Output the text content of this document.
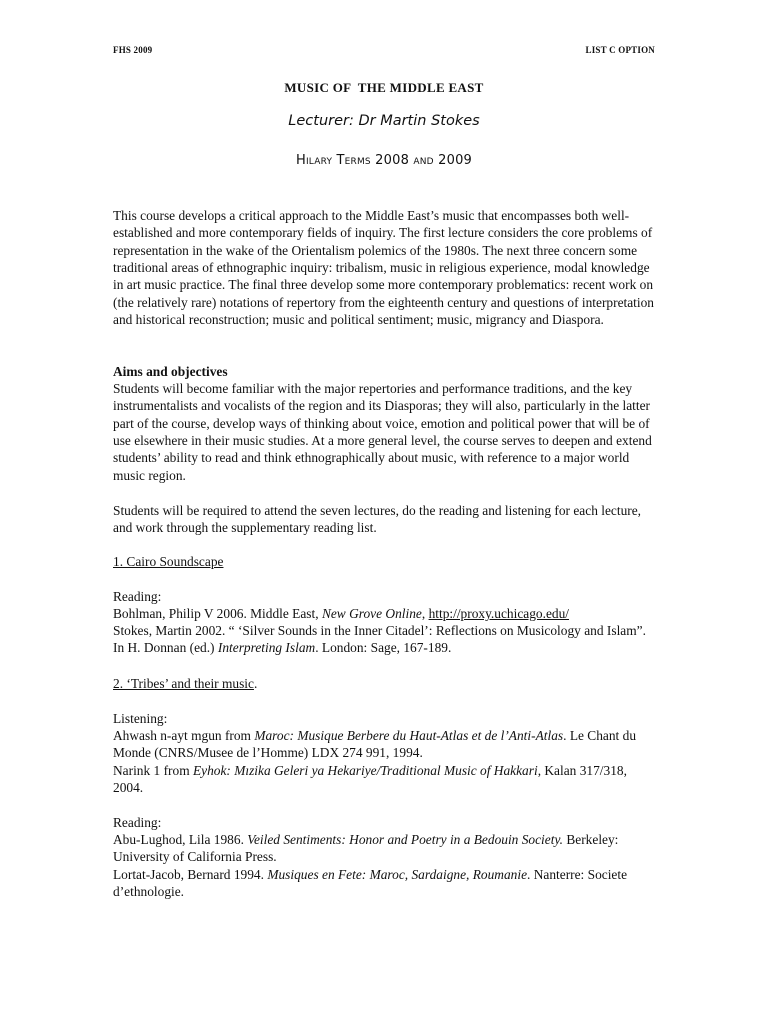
FHS 2009	LIST C OPTION
MUSIC OF  THE MIDDLE EAST
Lecturer: Dr Martin Stokes
Hilary Terms 2008 and 2009

This course develops a critical approach to the Middle East’s music that encompasses both well-established and more contemporary fields of inquiry. The first lecture considers the core problems of representation in the wake of the Orientalism polemics of the 1980s. The next three concern some traditional areas of ethnographic inquiry: tribalism, music in religious experience, modal knowledge in art music practice. The final three develop some more contemporary problematics: recent work on (the relatively rare) notations of repertory from the eighteenth century and questions of interpretation and historical reconstruction; music and political sentiment; music, migrancy and Diaspora.

Aims and objectives

Students will become familiar with the major repertories and performance traditions, and the key instrumentalists and vocalists of the region and its Diasporas; they will also, particularly in the latter part of the course, develop ways of thinking about voice, emotion and political power that will be of use elsewhere in their music studies. At a more general level, the course serves to deepen and extend students’ ability to read and think ethnographically about music, with reference to a major world music region.

Students will be required to attend the seven lectures, do the reading and listening for each lecture, and work through the supplementary reading list.

1. Cairo Soundscape
Reading:
Bohlman, Philip V 2006. Middle East, New Grove Online, http://proxy.uchicago.edu/
Stokes, Martin 2002. “ ‘Silver Sounds in the Inner Citadel’: Reflections on Musicology and Islam”. In H. Donnan (ed.) Interpreting Islam. London: Sage, 167-189.
2. ‘Tribes’ and their music.
Listening:
Ahwash n-ayt mgun from Maroc: Musique Berbere du Haut-Atlas et de l’Anti-Atlas. Le Chant du Monde (CNRS/Musee de l’Homme) LDX 274 991, 1994.
Narink 1 from Eyhok: Mızika Geleri ya Hekariye/Traditional Music of Hakkari, Kalan 317/318, 2004.
Reading:
Abu-Lughod, Lila 1986. Veiled Sentiments: Honor and Poetry in a Bedouin Society. Berkeley: University of California Press.
Lortat-Jacob, Bernard 1994. Musiques en Fete: Maroc, Sardaigne, Roumanie. Nanterre: Societe d’ethnologie.
